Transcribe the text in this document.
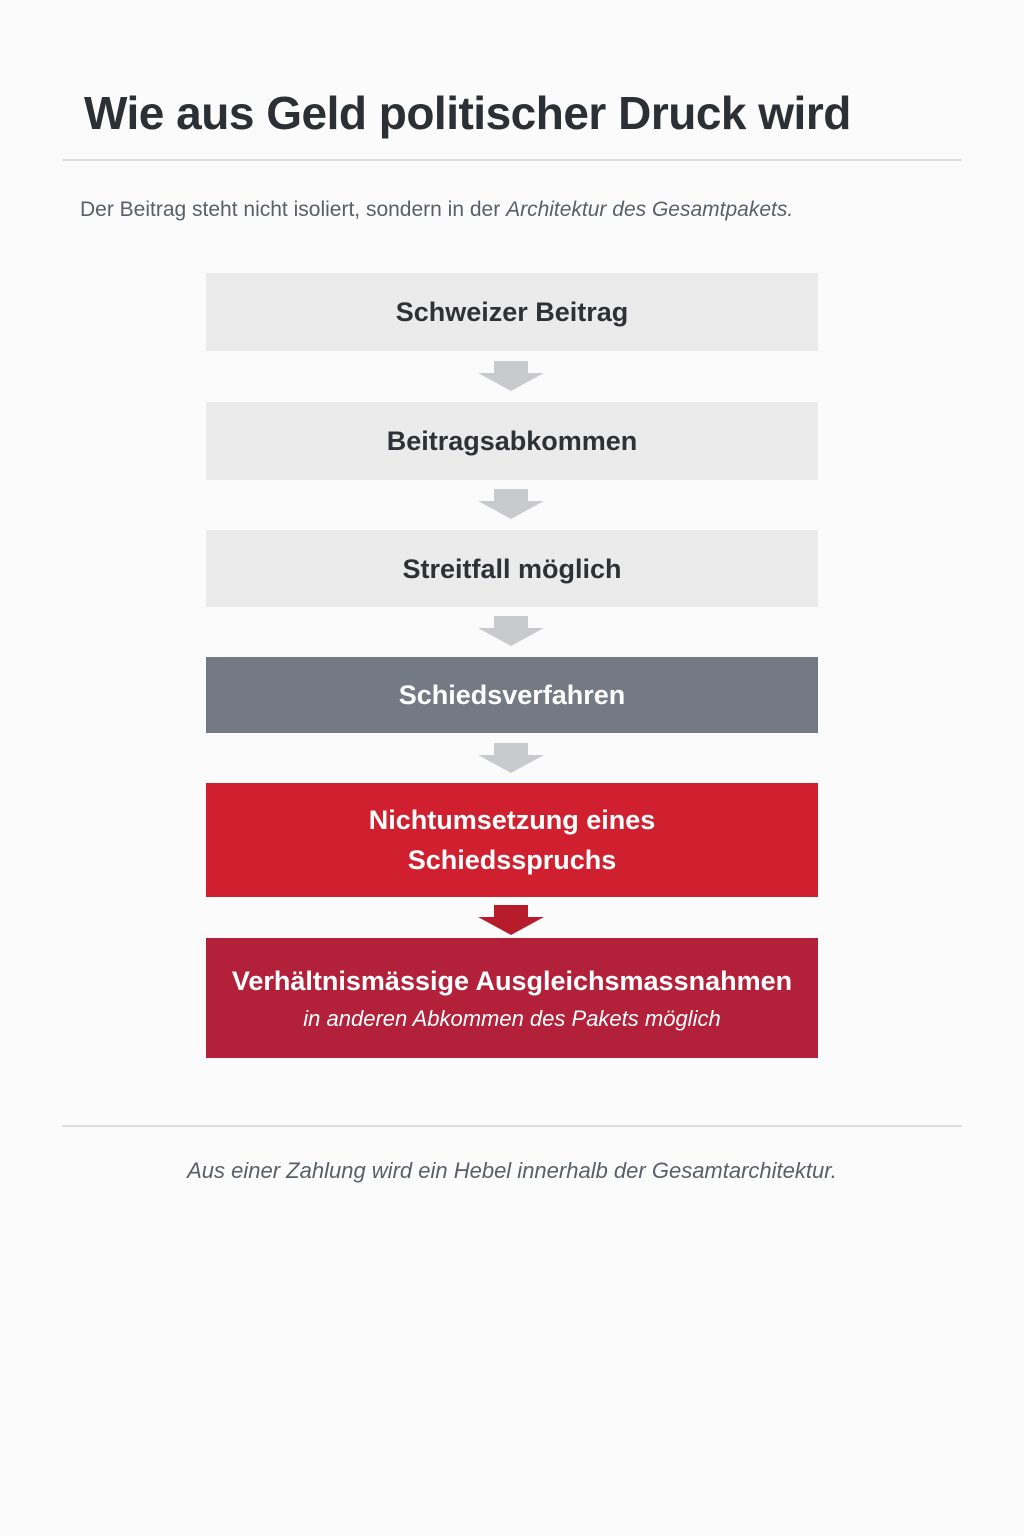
Wie aus Geld politischer Druck wird

Der Beitrag steht nicht isoliert, sondern in der Architektur des Gesamtpakets.

Schweizer Beitrag
Beitragsabkommen
Streitfall möglich
Schiedsverfahren
Nichtumsetzung eines Schiedsspruchs
Verhältnismässige Ausgleichsmassnahmen
in anderen Abkommen des Pakets möglich

Aus einer Zahlung wird ein Hebel innerhalb der Gesamtarchitektur.
